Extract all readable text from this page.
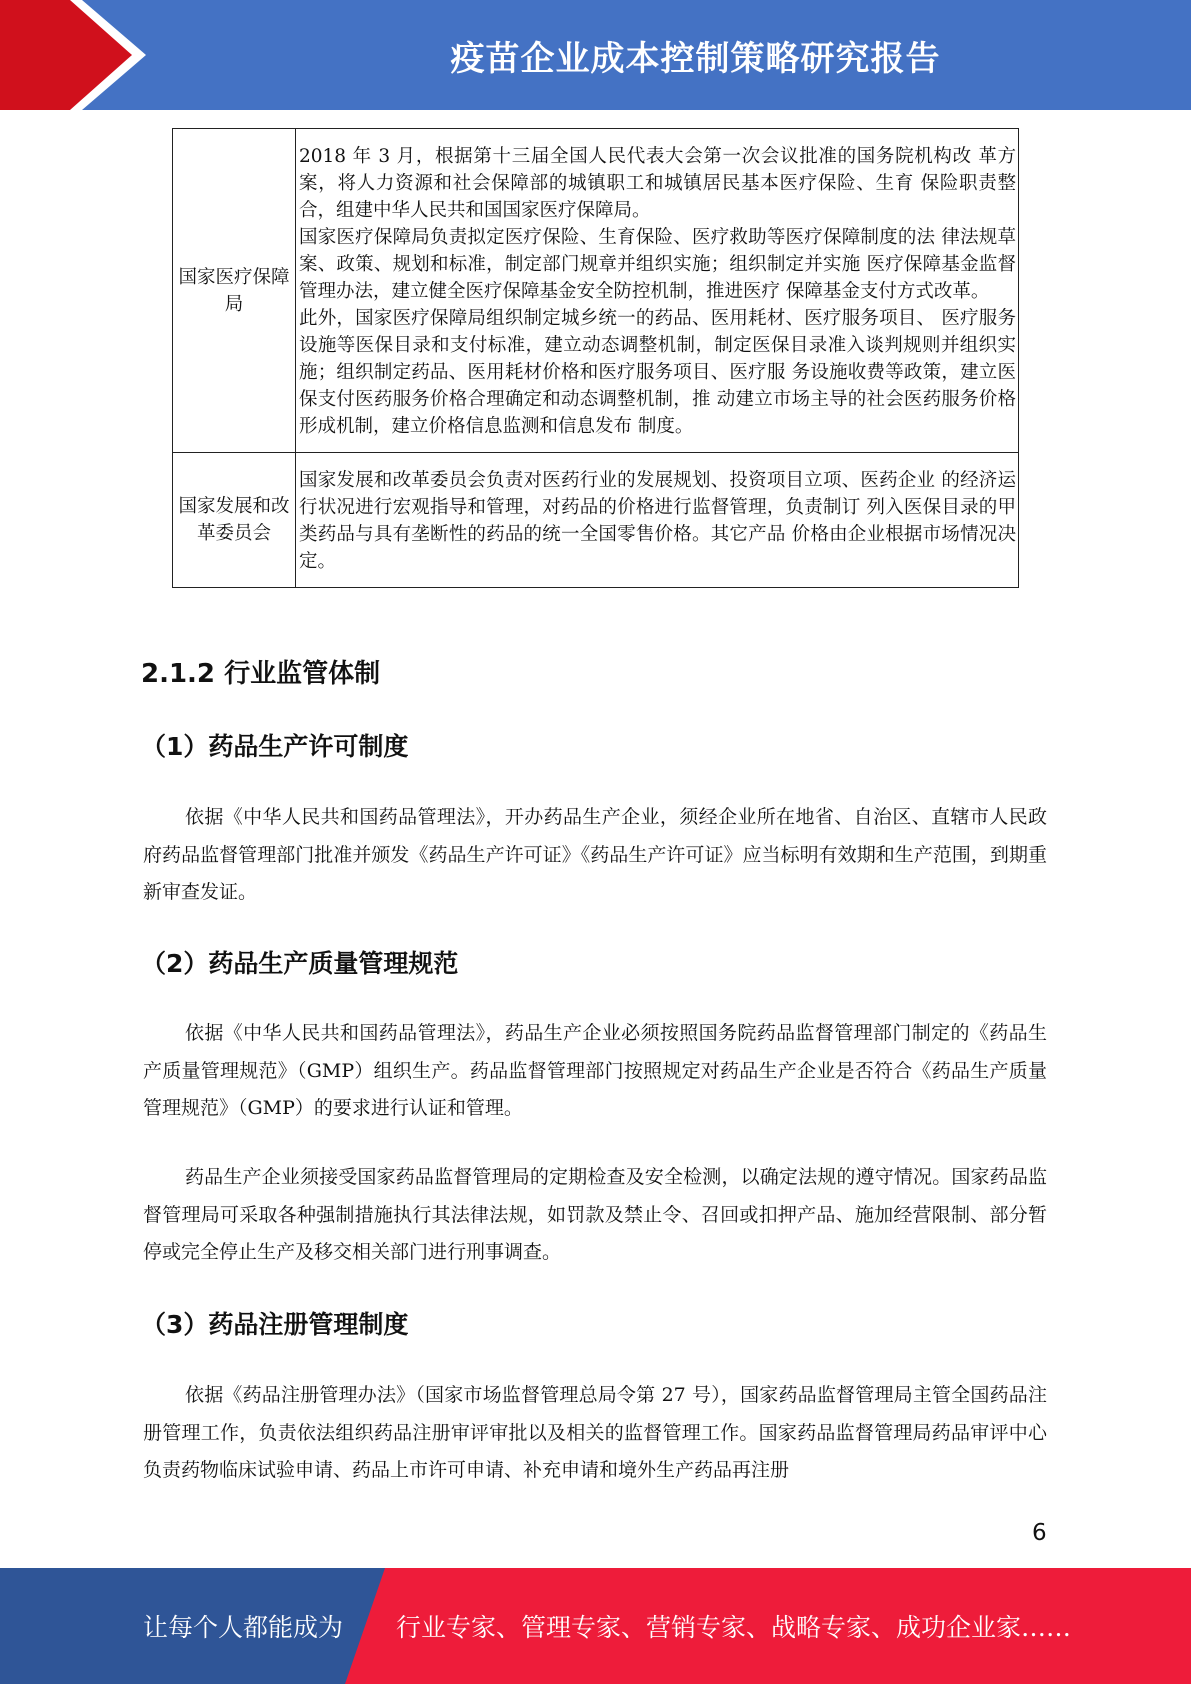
疫苗企业成本控制策略研究报告
国家医疗保障局	2018 年 3 月，根据第十三届全国人民代表大会第一次会议批准的国务院机构改 革方案，将人力资源和社会保障部的城镇职工和城镇居民基本医疗保险、生育 保险职责整合，组建中华人民共和国国家医疗保障局。

国家医疗保障局负责拟定医疗保险、生育保险、医疗救助等医疗保障制度的法 律法规草案、政策、规划和标准，制定部门规章并组织实施；组织制定并实施 医疗保障基金监督管理办法，建立健全医疗保障基金安全防控机制，推进医疗 保障基金支付方式改革。

此外，国家医疗保障局组织制定城乡统一的药品、医用耗材、医疗服务项目、 医疗服务设施等医保目录和支付标准，建立动态调整机制，制定医保目录准入谈判规则并组织实施；组织制定药品、医用耗材价格和医疗服务项目、医疗服 务设施收费等政策，建立医保支付医药服务价格合理确定和动态调整机制，推 动建立市场主导的社会医药服务价格形成机制，建立价格信息监测和信息发布 制度。

国家发展和改革委员会	国家发展和改革委员会负责对医药行业的发展规划、投资项目立项、医药企业 的经济运行状况进行宏观指导和管理，对药品的价格进行监督管理，负责制订 列入医保目录的甲类药品与具有垄断性的药品的统一全国零售价格。其它产品 价格由企业根据市场情况决定。

2.1.2 行业监管体制
（1）药品生产许可制度

依据《中华人民共和国药品管理法》，开办药品生产企业，须经企业所在地省、自治区、直辖市人民政府药品监督管理部门批准并颁发《药品生产许可证》《药品生产许可证》应当标明有效期和生产范围，到期重新审查发证。

（2）药品生产质量管理规范

依据《中华人民共和国药品管理法》，药品生产企业必须按照国务院药品监督管理部门制定的《药品生产质量管理规范》（GMP）组织生产。药品监督管理部门按照规定对药品生产企业是否符合《药品生产质量管理规范》（GMP）的要求进行认证和管理。

药品生产企业须接受国家药品监督管理局的定期检查及安全检测，以确定法规的遵守情况。国家药品监督管理局可采取各种强制措施执行其法律法规，如罚款及禁止令、召回或扣押产品、施加经营限制、部分暂停或完全停止生产及移交相关部门进行刑事调查。

（3）药品注册管理制度

依据《药品注册管理办法》（国家市场监督管理总局令第 27 号），国家药品监督管理局主管全国药品注册管理工作，负责依法组织药品注册审评审批以及相关的监督管理工作。国家药品监督管理局药品审评中心负责药物临床试验申请、药品上市许可申请、补充申请和境外生产药品再注册

6
让每个人都能成为 行业专家、管理专家、营销专家、战略专家、成功企业家……
